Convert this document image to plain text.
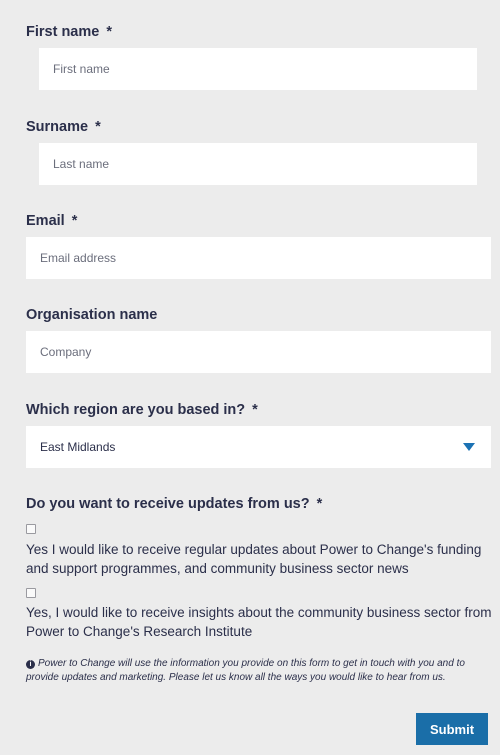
First name *
First name
Surname *
Last name
Email *
Email address
Organisation name
Company
Which region are you based in? *
East Midlands
Do you want to receive updates from us? *
Yes I would like to receive regular updates about Power to Change's funding and support programmes, and community business sector news
Yes, I would like to receive insights about the community business sector from Power to Change's Research Institute
i Power to Change will use the information you provide on this form to get in touch with you and to provide updates and marketing. Please let us know all the ways you would like to hear from us.
Submit
